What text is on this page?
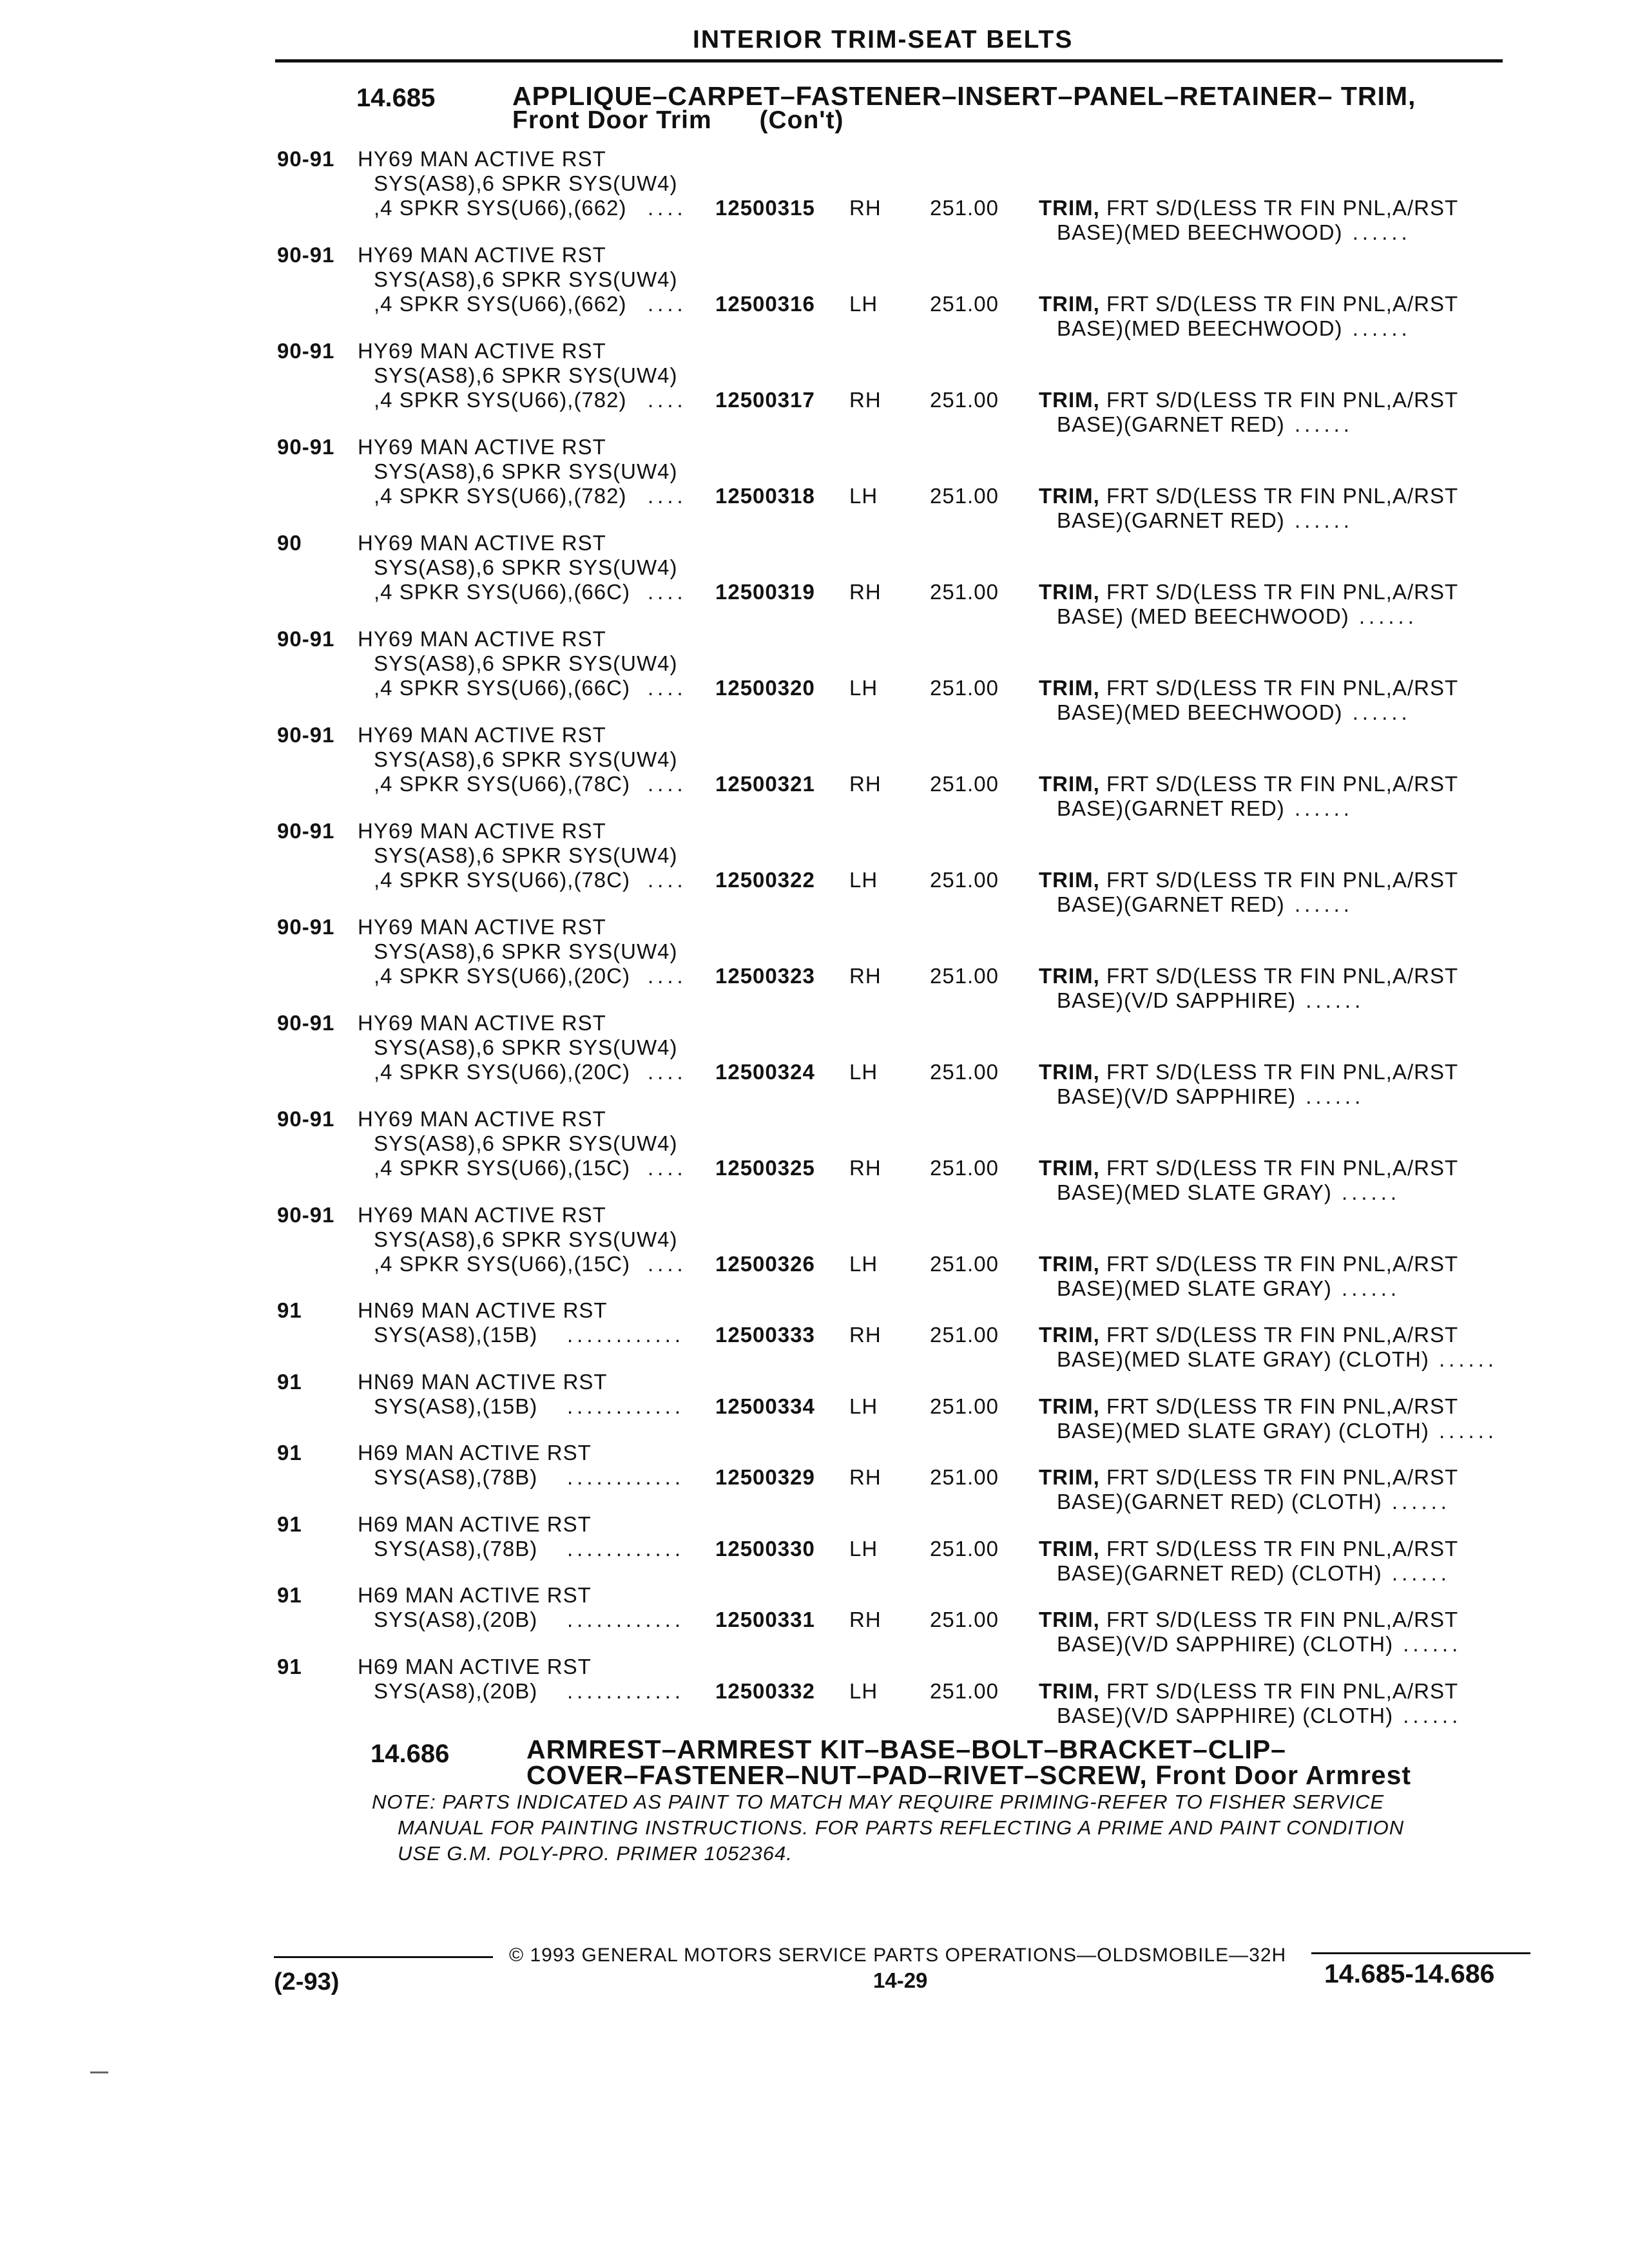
INTERIOR TRIM-SEAT BELTS
14.685	APPLIQUE–CARPET–FASTENER–INSERT–PANEL–RETAINER– TRIM,
Front Door Trim (Con't)
90-91 HY69 MAN ACTIVE RST
SYS(AS8),6 SPKR SYS(UW4)
,4 SPKR SYS(U66),(662) .... 12500315 RH 251.00 TRIM, FRT S/D(LESS TR FIN PNL,A/RST
BASE)(MED BEECHWOOD) ......
90-91 HY69 MAN ACTIVE RST
SYS(AS8),6 SPKR SYS(UW4)
,4 SPKR SYS(U66),(662) .... 12500316 LH 251.00 TRIM, FRT S/D(LESS TR FIN PNL,A/RST
BASE)(MED BEECHWOOD) ......
90-91 HY69 MAN ACTIVE RST
SYS(AS8),6 SPKR SYS(UW4)
,4 SPKR SYS(U66),(782) .... 12500317 RH 251.00 TRIM, FRT S/D(LESS TR FIN PNL,A/RST
BASE)(GARNET RED) ......
90-91 HY69 MAN ACTIVE RST
SYS(AS8),6 SPKR SYS(UW4)
,4 SPKR SYS(U66),(782) .... 12500318 LH 251.00 TRIM, FRT S/D(LESS TR FIN PNL,A/RST
BASE)(GARNET RED) ......
90	HY69 MAN ACTIVE RST
SYS(AS8),6 SPKR SYS(UW4)
,4 SPKR SYS(U66),(66C) .... 12500319 RH 251.00 TRIM, FRT S/D(LESS TR FIN PNL,A/RST
BASE) (MED BEECHWOOD) ......
90-91 HY69 MAN ACTIVE RST
SYS(AS8),6 SPKR SYS(UW4)
,4 SPKR SYS(U66),(66C) .... 12500320 LH 251.00 TRIM, FRT S/D(LESS TR FIN PNL,A/RST
BASE)(MED BEECHWOOD) ......
90-91 HY69 MAN ACTIVE RST
SYS(AS8),6 SPKR SYS(UW4)
,4 SPKR SYS(U66),(78C) .... 12500321 RH 251.00 TRIM, FRT S/D(LESS TR FIN PNL,A/RST
BASE)(GARNET RED) ......
90-91 HY69 MAN ACTIVE RST
SYS(AS8),6 SPKR SYS(UW4)
,4 SPKR SYS(U66),(78C) .... 12500322 LH 251.00 TRIM, FRT S/D(LESS TR FIN PNL,A/RST
BASE)(GARNET RED) ......
90-91 HY69 MAN ACTIVE RST
SYS(AS8),6 SPKR SYS(UW4)
,4 SPKR SYS(U66),(20C) .... 12500323 RH 251.00 TRIM, FRT S/D(LESS TR FIN PNL,A/RST
BASE)(V/D SAPPHIRE) ......
90-91 HY69 MAN ACTIVE RST
SYS(AS8),6 SPKR SYS(UW4)
,4 SPKR SYS(U66),(20C) .... 12500324 LH 251.00 TRIM, FRT S/D(LESS TR FIN PNL,A/RST
BASE)(V/D SAPPHIRE) ......
90-91 HY69 MAN ACTIVE RST
SYS(AS8),6 SPKR SYS(UW4)
,4 SPKR SYS(U66),(15C) .... 12500325 RH 251.00 TRIM, FRT S/D(LESS TR FIN PNL,A/RST
BASE)(MED SLATE GRAY) ......
90-91 HY69 MAN ACTIVE RST
SYS(AS8),6 SPKR SYS(UW4)
,4 SPKR SYS(U66),(15C) .... 12500326 LH 251.00 TRIM, FRT S/D(LESS TR FIN PNL,A/RST
BASE)(MED SLATE GRAY) ......
91	HN69 MAN ACTIVE RST
SYS(AS8),(15B) ............ 12500333 RH 251.00 TRIM, FRT S/D(LESS TR FIN PNL,A/RST
BASE)(MED SLATE GRAY) (CLOTH) ......
91	HN69 MAN ACTIVE RST
SYS(AS8),(15B) ............ 12500334 LH 251.00 TRIM, FRT S/D(LESS TR FIN PNL,A/RST
BASE)(MED SLATE GRAY) (CLOTH) ......
91	H69 MAN ACTIVE RST
SYS(AS8),(78B) ............ 12500329 RH 251.00 TRIM, FRT S/D(LESS TR FIN PNL,A/RST
BASE)(GARNET RED) (CLOTH) ......
91	H69 MAN ACTIVE RST
SYS(AS8),(78B) ............ 12500330 LH 251.00 TRIM, FRT S/D(LESS TR FIN PNL,A/RST
BASE)(GARNET RED) (CLOTH) ......
91	H69 MAN ACTIVE RST
SYS(AS8),(20B) ............ 12500331 RH 251.00 TRIM, FRT S/D(LESS TR FIN PNL,A/RST
BASE)(V/D SAPPHIRE) (CLOTH) ......
91	H69 MAN ACTIVE RST
SYS(AS8),(20B) ............ 12500332 LH 251.00 TRIM, FRT S/D(LESS TR FIN PNL,A/RST
BASE)(V/D SAPPHIRE) (CLOTH) ......
14.686	ARMREST–ARMREST KIT–BASE–BOLT–BRACKET–CLIP–
COVER–FASTENER–NUT–PAD–RIVET–SCREW, Front Door Armrest
NOTE: PARTS INDICATED AS PAINT TO MATCH MAY REQUIRE PRIMING-REFER TO FISHER SERVICE
MANUAL FOR PAINTING INSTRUCTIONS. FOR PARTS REFLECTING A PRIME AND PAINT CONDITION
USE G.M. POLY-PRO. PRIMER 1052364.
© 1993 GENERAL MOTORS SERVICE PARTS OPERATIONS—OLDSMOBILE—32H
(2-93)	14-29	14.685-14.686
